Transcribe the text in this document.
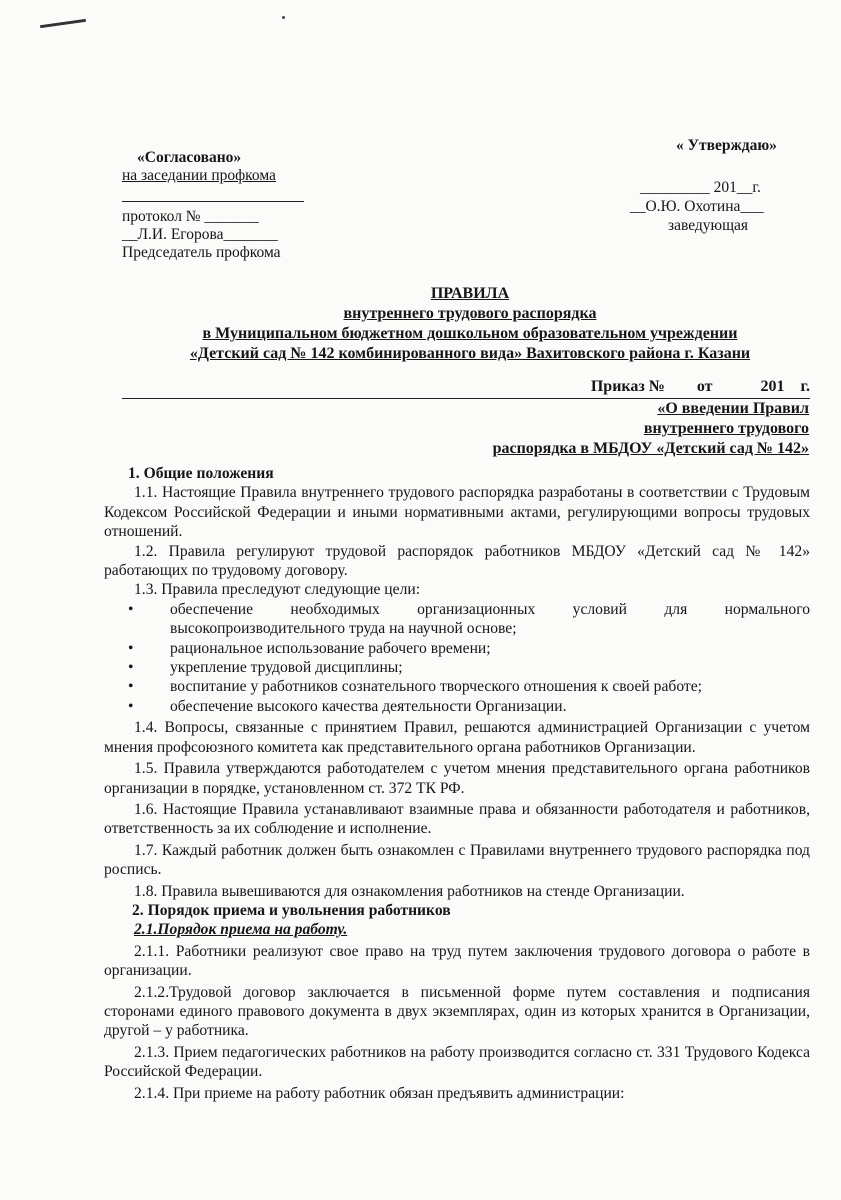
«Согласовано»
на заседании профкома
протокол № _______
__Л.И. Егорова_______
Председатель профкома
« Утверждаю»
_________ 201__г.
__О.Ю. Охотина___
заведующая
ПРАВИЛА
внутреннего трудового распорядка
в Муниципальном бюджетном дошкольном образовательном учреждении
«Детский сад № 142 комбинированного вида» Вахитовского района г. Казани
Приказ №        от            201    г.
«О введении Правил
внутреннего трудового
распорядка в МБДОУ «Детский сад № 142»

1. Общие положения

1.1. Настоящие Правила внутреннего трудового распорядка разработаны в соответствии с Трудовым Кодексом Российской Федерации и иными нормативными актами, регулирующими вопросы трудовых отношений.

1.2. Правила регулируют трудовой распорядок работников МБДОУ «Детский сад № 142» работающих по трудовому договору.

1.3. Правила преследуют следующие цели:

• обеспечение необходимых организационных условий для нормального высокопроизводительного труда на научной основе;
• рациональное использование рабочего времени;
• укрепление трудовой дисциплины;
• воспитание у работников сознательного творческого отношения к своей работе;
• обеспечение высокого качества деятельности Организации.

1.4. Вопросы, связанные с принятием Правил, решаются администрацией Организации с учетом мнения профсоюзного комитета как представительного органа работников Организации.

1.5. Правила утверждаются работодателем с учетом мнения представительного органа работников организации в порядке, установленном ст. 372 ТК РФ.

1.6. Настоящие Правила устанавливают взаимные права и обязанности работодателя и работников, ответственность за их соблюдение и исполнение.

1.7. Каждый работник должен быть ознакомлен с Правилами внутреннего трудового распорядка под роспись.

1.8. Правила вывешиваются для ознакомления работников на стенде Организации.

2. Порядок приема и увольнения работников

2.1.Порядок приема на работу.

2.1.1. Работники реализуют свое право на труд путем заключения трудового договора о работе в организации.

2.1.2.Трудовой договор заключается в письменной форме путем составления и подписания сторонами единого правового документа в двух экземплярах, один из которых хранится в Организации, другой – у работника.

2.1.3. Прием педагогических работников на работу производится согласно ст. 331 Трудового Кодекса Российской Федерации.

2.1.4. При приеме на работу работник обязан предъявить администрации:
